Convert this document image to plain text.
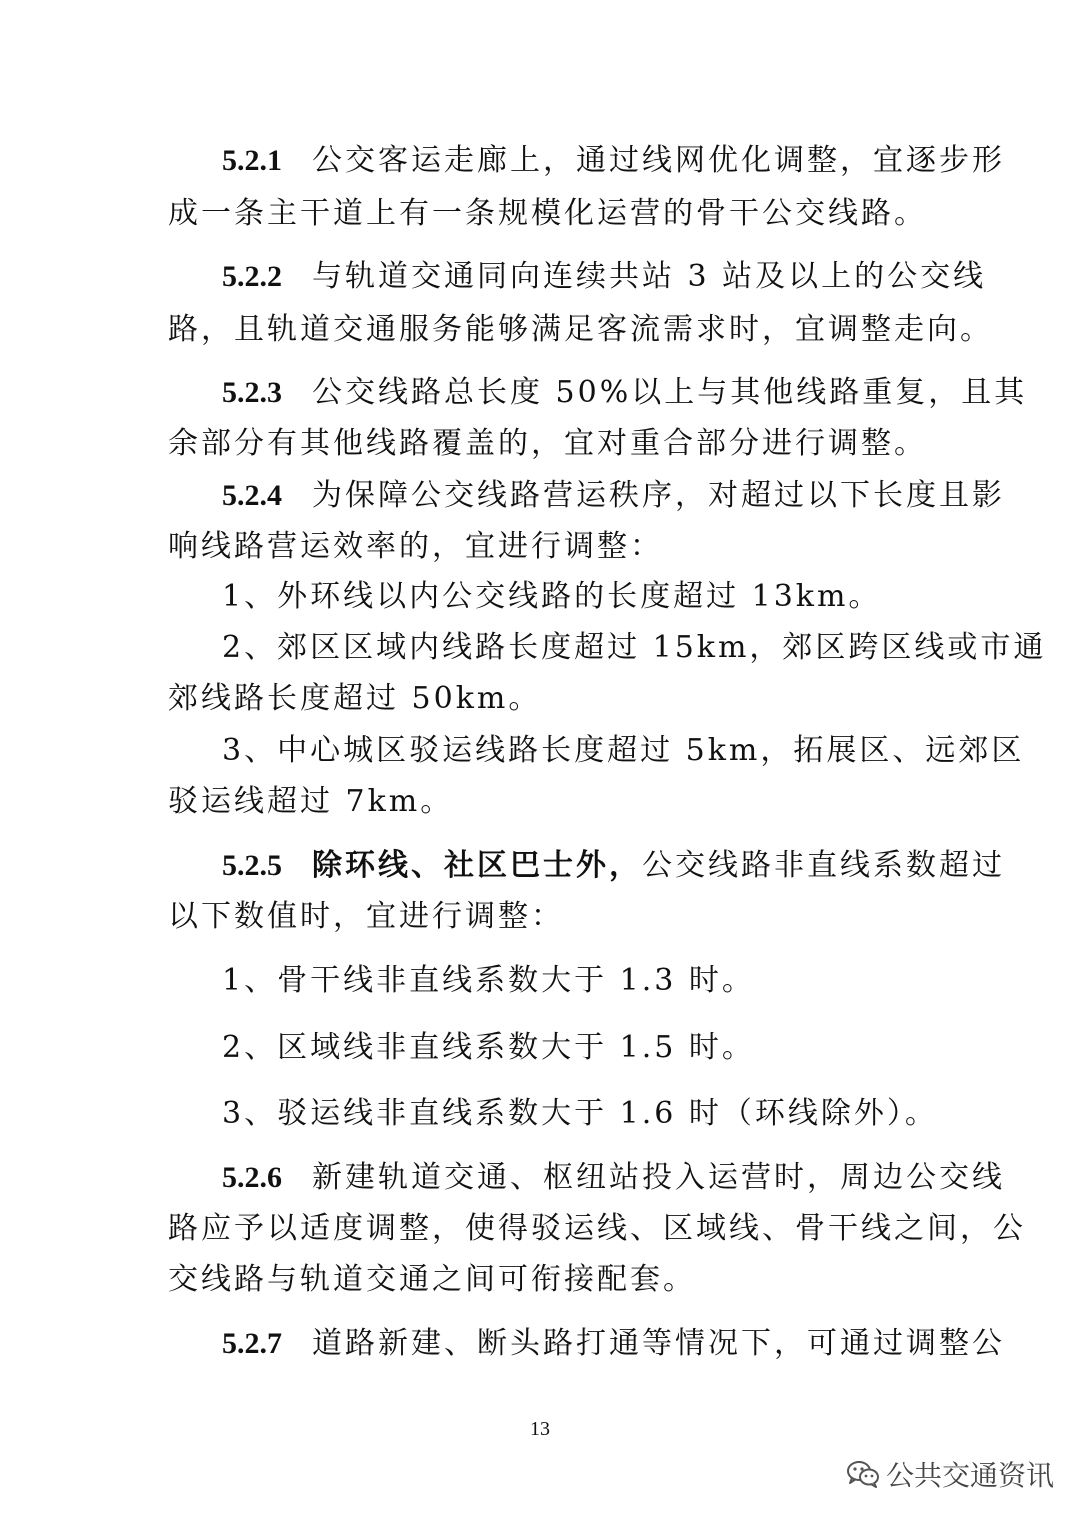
5.2.1 公交客运走廊上，通过线网优化调整，宜逐步形
成一条主干道上有一条规模化运营的骨干公交线路。
5.2.2 与轨道交通同向连续共站 3 站及以上的公交线
路，且轨道交通服务能够满足客流需求时，宜调整走向。
5.2.3 公交线路总长度 50%以上与其他线路重复，且其
余部分有其他线路覆盖的，宜对重合部分进行调整。
5.2.4 为保障公交线路营运秩序，对超过以下长度且影
响线路营运效率的，宜进行调整：
1、外环线以内公交线路的长度超过 13km。
2、郊区区域内线路长度超过 15km，郊区跨区线或市通
郊线路长度超过 50km。
3、中心城区驳运线路长度超过 5km，拓展区、远郊区
驳运线超过 7km。
5.2.5 除环线、社区巴士外，公交线路非直线系数超过
以下数值时，宜进行调整：
1、骨干线非直线系数大于 1.3 时。
2、区域线非直线系数大于 1.5 时。
3、驳运线非直线系数大于 1.6 时（环线除外）。
5.2.6 新建轨道交通、枢纽站投入运营时，周边公交线
路应予以适度调整，使得驳运线、区域线、骨干线之间，公
交线路与轨道交通之间可衔接配套。
5.2.7 道路新建、断头路打通等情况下，可通过调整公
13
公共交通资讯
